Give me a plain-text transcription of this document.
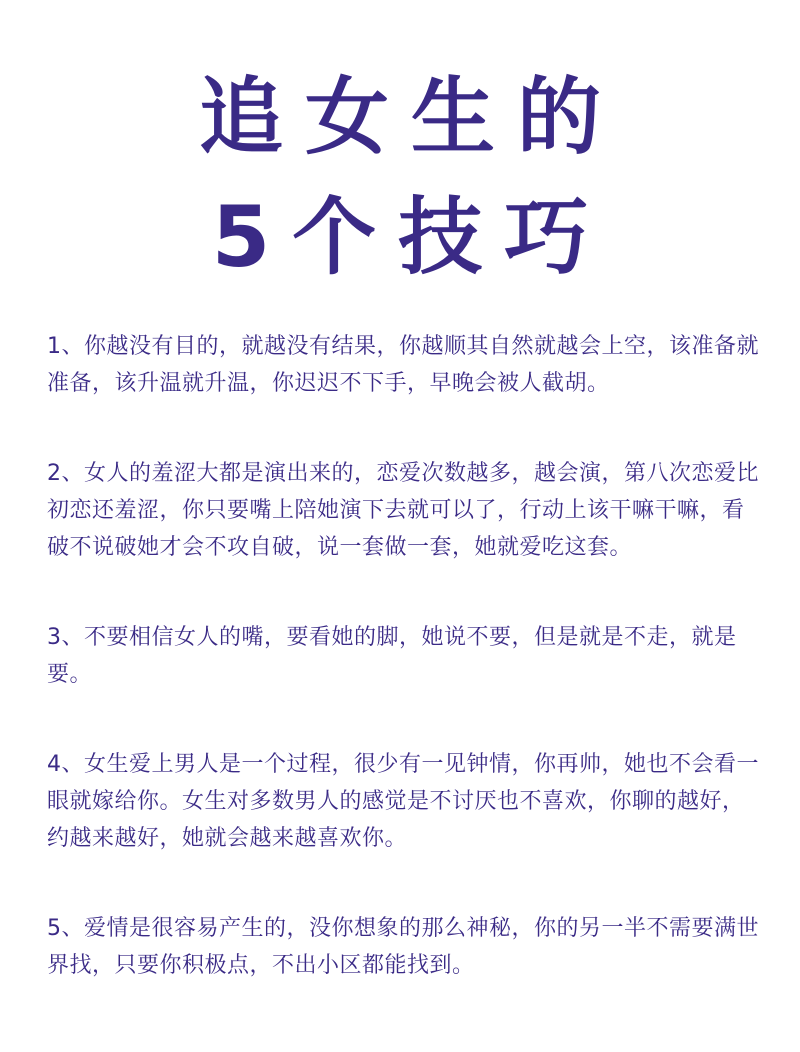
追女生的
5个技巧

1、你越没有目的，就越没有结果，你越顺其自然就越会上空，该准备就准备，该升温就升温，你迟迟不下手，早晚会被人截胡。

2、女人的羞涩大都是演出来的，恋爱次数越多，越会演，第八次恋爱比初恋还羞涩，你只要嘴上陪她演下去就可以了，行动上该干嘛干嘛，看破不说破她才会不攻自破，说一套做一套，她就爱吃这套。

3、不要相信女人的嘴，要看她的脚，她说不要，但是就是不走，就是要。

4、女生爱上男人是一个过程，很少有一见钟情，你再帅，她也不会看一眼就嫁给你。女生对多数男人的感觉是不讨厌也不喜欢，你聊的越好，约越来越好，她就会越来越喜欢你。

5、爱情是很容易产生的，没你想象的那么神秘，你的另一半不需要满世界找，只要你积极点，不出小区都能找到。
